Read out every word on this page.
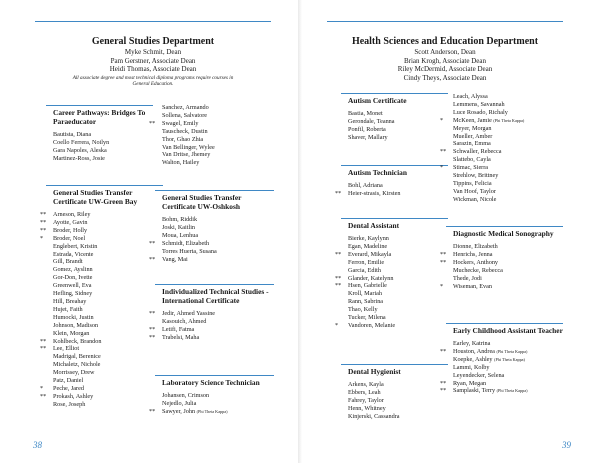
General Studies Department
Myke Schmit, Dean
Pam Gerstner, Associate Dean
Heidi Thomas, Associate Dean
All associate degree and most technical diploma programs require courses in General Education.
Career Pathways: Bridges To Paraeducator
Bautista, Diana
Coello Ferrera, Noilyn
Gara Napoles, Aleska
Martinez-Ross, Josie
General Studies Transfer Certificate UW-Green Bay
** Arneson, Riley
** Ayotte, Gavin
** Broder, Holly
* Broder, Noel
Englebert, Kristin
Estrada, Vicente
Gill, Brandt
Gomez, Ayslinn
Gor-Don, Ivette
Greenwell, Eva
Hefling, Sidney
Hill, Breahay
Hujet, Faith
Humocki, Justin
Johnson, Madison
Klein, Morgan
** Kohlbeck, Brandon
** Lee, Elliot
Madrigal, Berenice
Michaletz, Nichole
Morrissey, Drew
Patz, Daniel
* Peche, Jared
** Prokash, Ashley
Rose, Joseph
Sanchez, Armando
Sollena, Salvatore
** Swagel, Emily
Tauscheck, Dustin
Thor, Ghao Zhia
Van Bellinger, Wylee
Van Dritse, Jhemey
Walton, Hailey
General Studies Transfer Certificate UW-Oshkosh
Bohm, Riddik
Joski, Kaitlin
Moua, Lenhua
** Schmidt, Elizabeth
Torres Huerta, Susana
** Vang, Mai
Individualized Technical Studies - International Certificate
** Jedir, Ahmed Yassine
Kasouich, Ahmed
** Letifi, Fatma
** Trabelsi, Maha
Laboratory Science Technician
Johansen, Crimson
Nejedlo, Julia
** Sawyer, John (Phi Theta Kappa)
38
Health Sciences and Education Department
Scott Anderson, Dean
Brian Krogh, Associate Dean
Riley McDermid, Associate Dean
Cindy Theys, Associate Dean
Autism Certificate
Bastia, Monet
Gerondale, Teanna
Ponfil, Roberta
Shaver, Mallary
Autism Technician
Bohl, Adriana
** Heier-strasis, Kirsten
Dental Assistant
Bierke, Kaylynn
Egan, Madeline
** Everard, Mikayla
Ferron, Emilie
Garcia, Edith
** Glander, Katelynn
** Hsen, Gabrielle
Kroll, Mariah
Rann, Sabrina
Thao, Kelly
Tucker, Milena
* Vandoren, Melanie
Dental Hygienist
Arkens, Kayla
Ebbers, Leah
Fahrey, Taylor
Henn, Whitney
Kinjerski, Cassandra
Leach, Alyssa
Lemmens, Savannah
Luce Rosado, Richaly
* McKeen, Jamie (Phi Theta Kappa)
Meyer, Morgan
Mueller, Amber
Sarazin, Emma
** Schwaller, Rebecca
Slattebo, Cayla
* Stimac, Sierra
Strehlow, Brittney
Tippins, Felicia
Van Hoof, Taylor
Wickman, Nicole
Diagnostic Medical Sonography
Dionne, Elizabeth
** Henrichs, Jenna
** Hockers, Anthony
Muchecke, Rebecca
Thede, Jodi
* Wiseman, Evan
Early Childhood Assistant Teacher
Earley, Katrina
** Houston, Andrea (Phi Theta Kappa)
Koepke, Ashley (Phi Theta Kappa)
Lammi, Kolby
Leyendecker, Selena
** Ryan, Megan
** Samplaski, Terry (Phi Theta Kappa)
39
